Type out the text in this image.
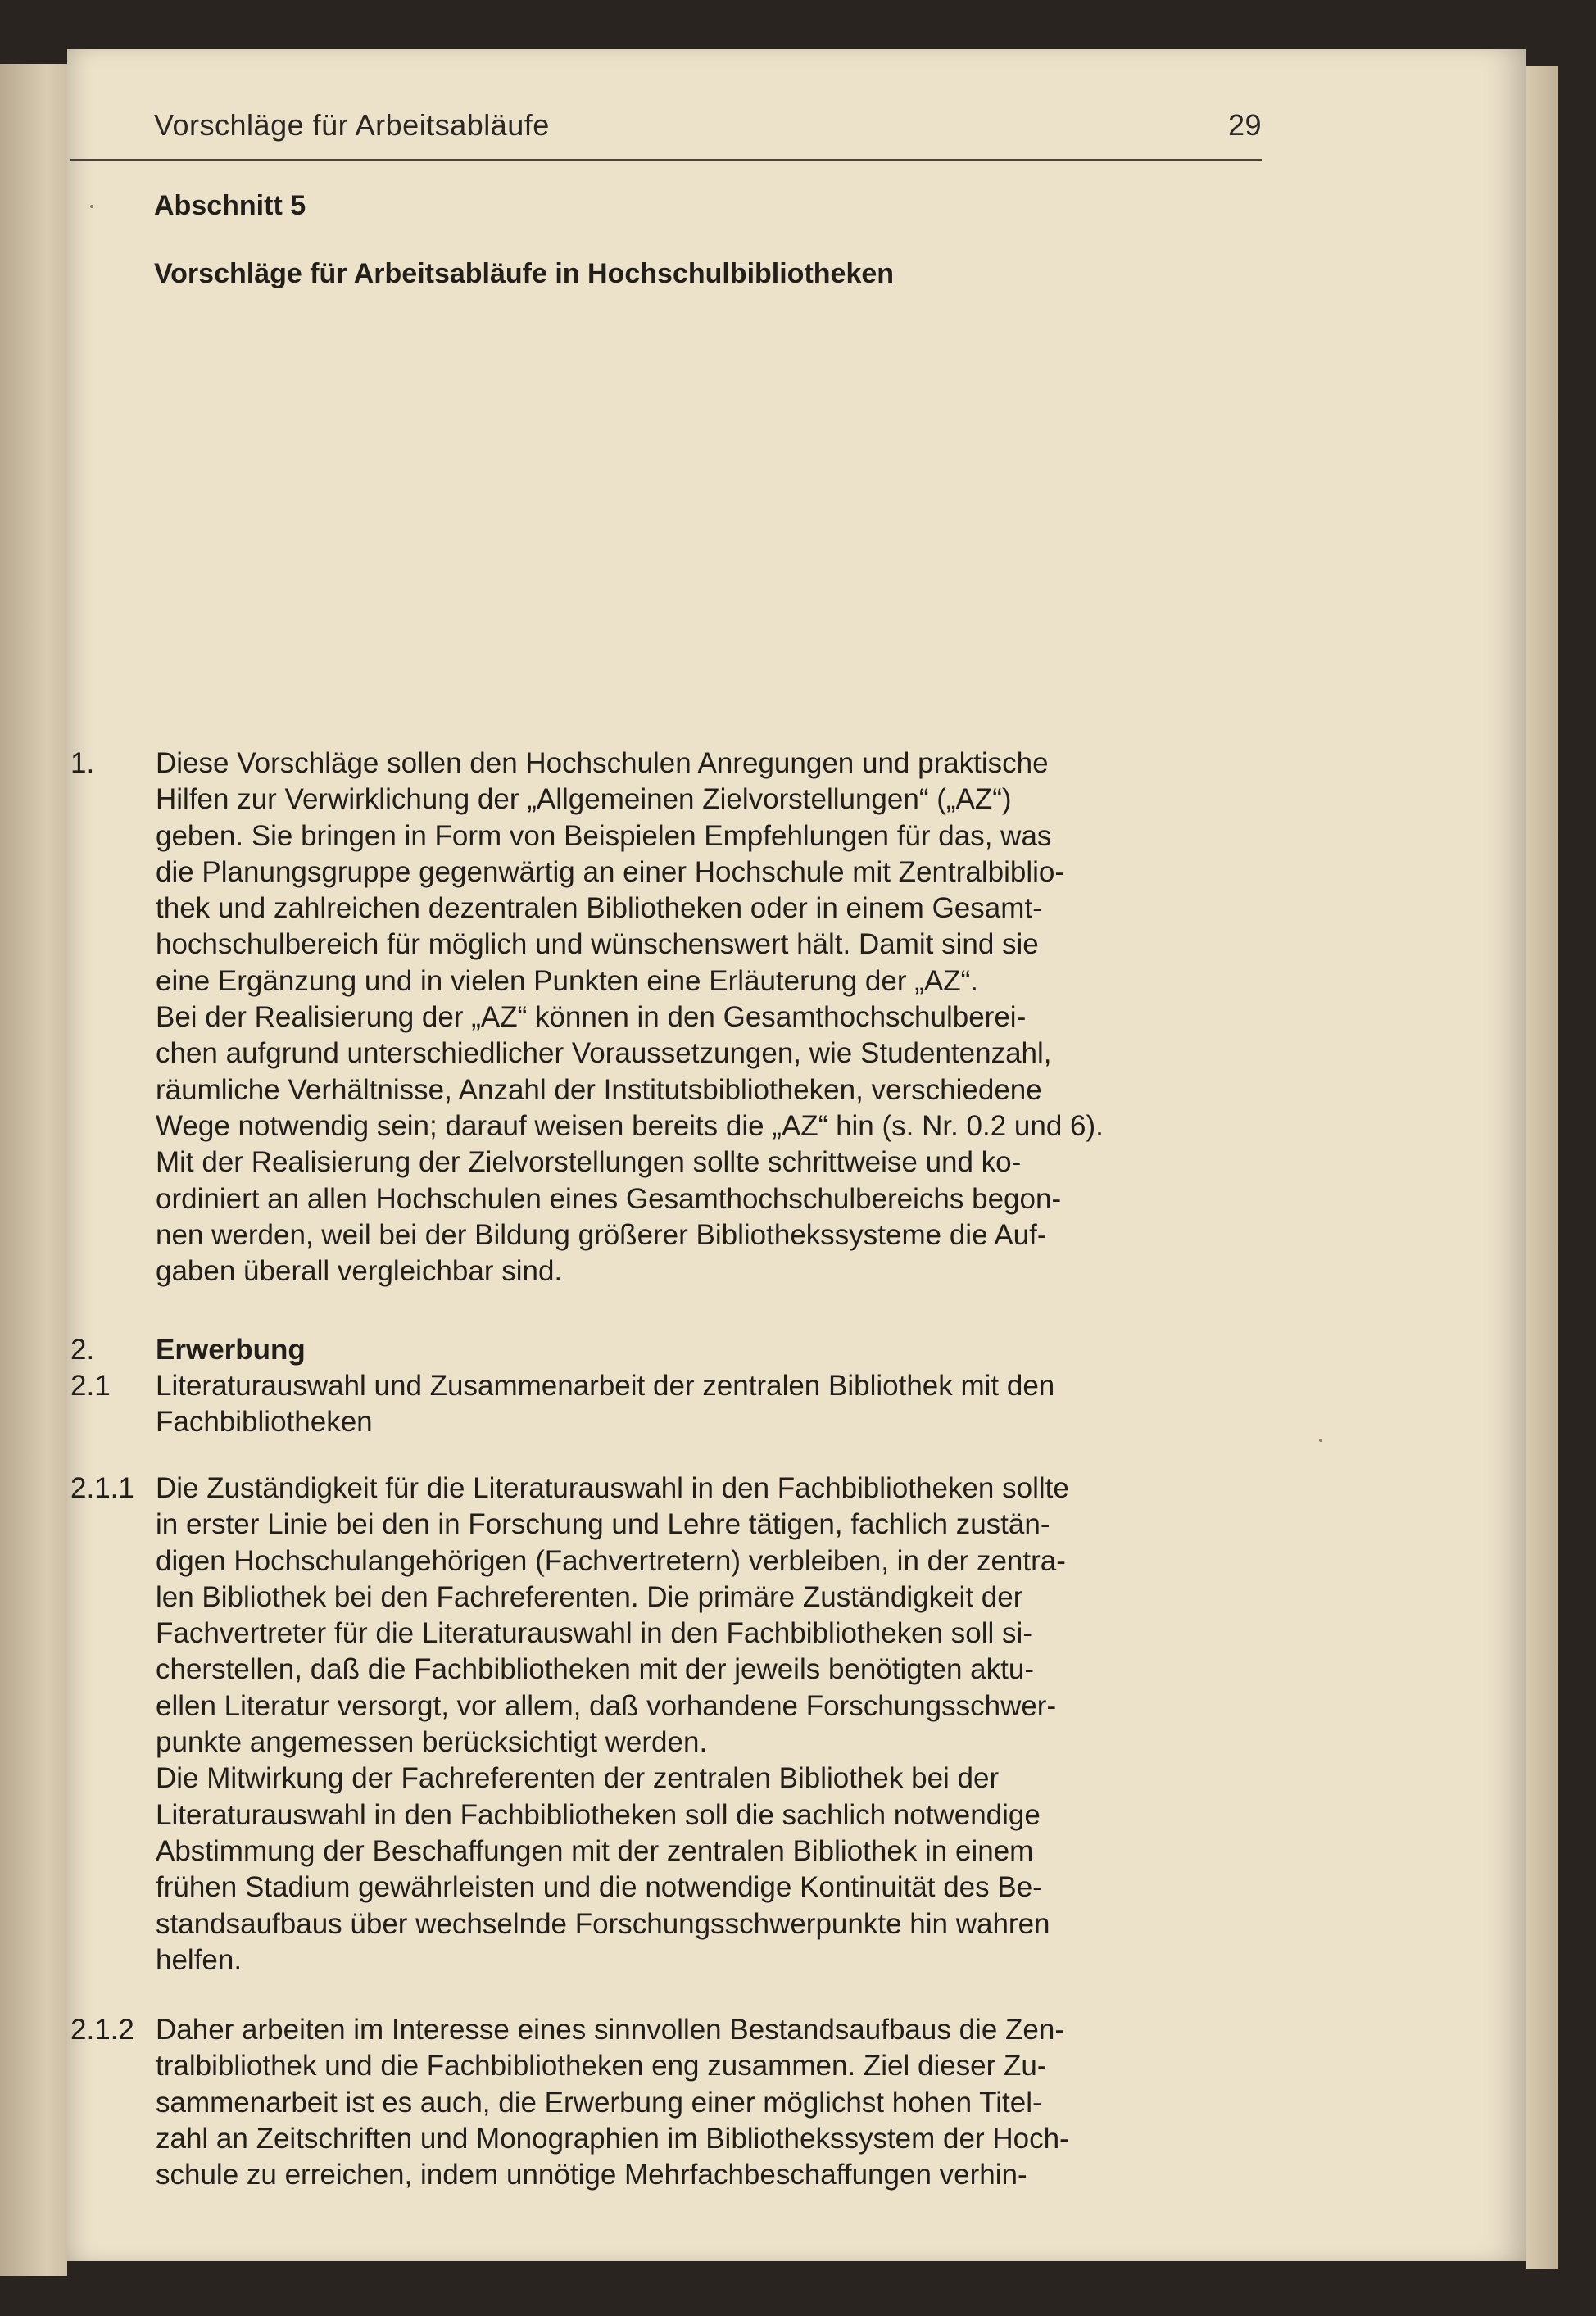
Vorschläge für Arbeitsabläufe	29
Abschnitt 5
Vorschläge für Arbeitsabläufe in Hochschulbibliotheken
1.	Diese Vorschläge sollen den Hochschulen Anregungen und praktische
Hilfen zur Verwirklichung der „Allgemeinen Zielvorstellungen“ („AZ“)
geben. Sie bringen in Form von Beispielen Empfehlungen für das, was
die Planungsgruppe gegenwärtig an einer Hochschule mit Zentralbiblio-
thek und zahlreichen dezentralen Bibliotheken oder in einem Gesamt-
hochschulbereich für möglich und wünschenswert hält. Damit sind sie
eine Ergänzung und in vielen Punkten eine Erläuterung der „AZ“.
Bei der Realisierung der „AZ“ können in den Gesamthochschulberei-
chen aufgrund unterschiedlicher Voraussetzungen, wie Studentenzahl,
räumliche Verhältnisse, Anzahl der Institutsbibliotheken, verschiedene
Wege notwendig sein; darauf weisen bereits die „AZ“ hin (s. Nr. 0.2 und 6).
Mit der Realisierung der Zielvorstellungen sollte schrittweise und ko-
ordiniert an allen Hochschulen eines Gesamthochschulbereichs begon-
nen werden, weil bei der Bildung größerer Bibliothekssysteme die Auf-
gaben überall vergleichbar sind.
2.	Erwerbung
2.1	Literaturauswahl und Zusammenarbeit der zentralen Bibliothek mit den
Fachbibliotheken
2.1.1 Die Zuständigkeit für die Literaturauswahl in den Fachbibliotheken sollte
in erster Linie bei den in Forschung und Lehre tätigen, fachlich zustän-
digen Hochschulangehörigen (Fachvertretern) verbleiben, in der zentra-
len Bibliothek bei den Fachreferenten. Die primäre Zuständigkeit der
Fachvertreter für die Literaturauswahl in den Fachbibliotheken soll si-
cherstellen, daß die Fachbibliotheken mit der jeweils benötigten aktu-
ellen Literatur versorgt, vor allem, daß vorhandene Forschungsschwer-
punkte angemessen berücksichtigt werden.
Die Mitwirkung der Fachreferenten der zentralen Bibliothek bei der
Literaturauswahl in den Fachbibliotheken soll die sachlich notwendige
Abstimmung der Beschaffungen mit der zentralen Bibliothek in einem
frühen Stadium gewährleisten und die notwendige Kontinuität des Be-
standsaufbaus über wechselnde Forschungsschwerpunkte hin wahren
helfen.
2.1.2 Daher arbeiten im Interesse eines sinnvollen Bestandsaufbaus die Zen-
tralbibliothek und die Fachbibliotheken eng zusammen. Ziel dieser Zu-
sammenarbeit ist es auch, die Erwerbung einer möglichst hohen Titel-
zahl an Zeitschriften und Monographien im Bibliothekssystem der Hoch-
schule zu erreichen, indem unnötige Mehrfachbeschaffungen verhin-
